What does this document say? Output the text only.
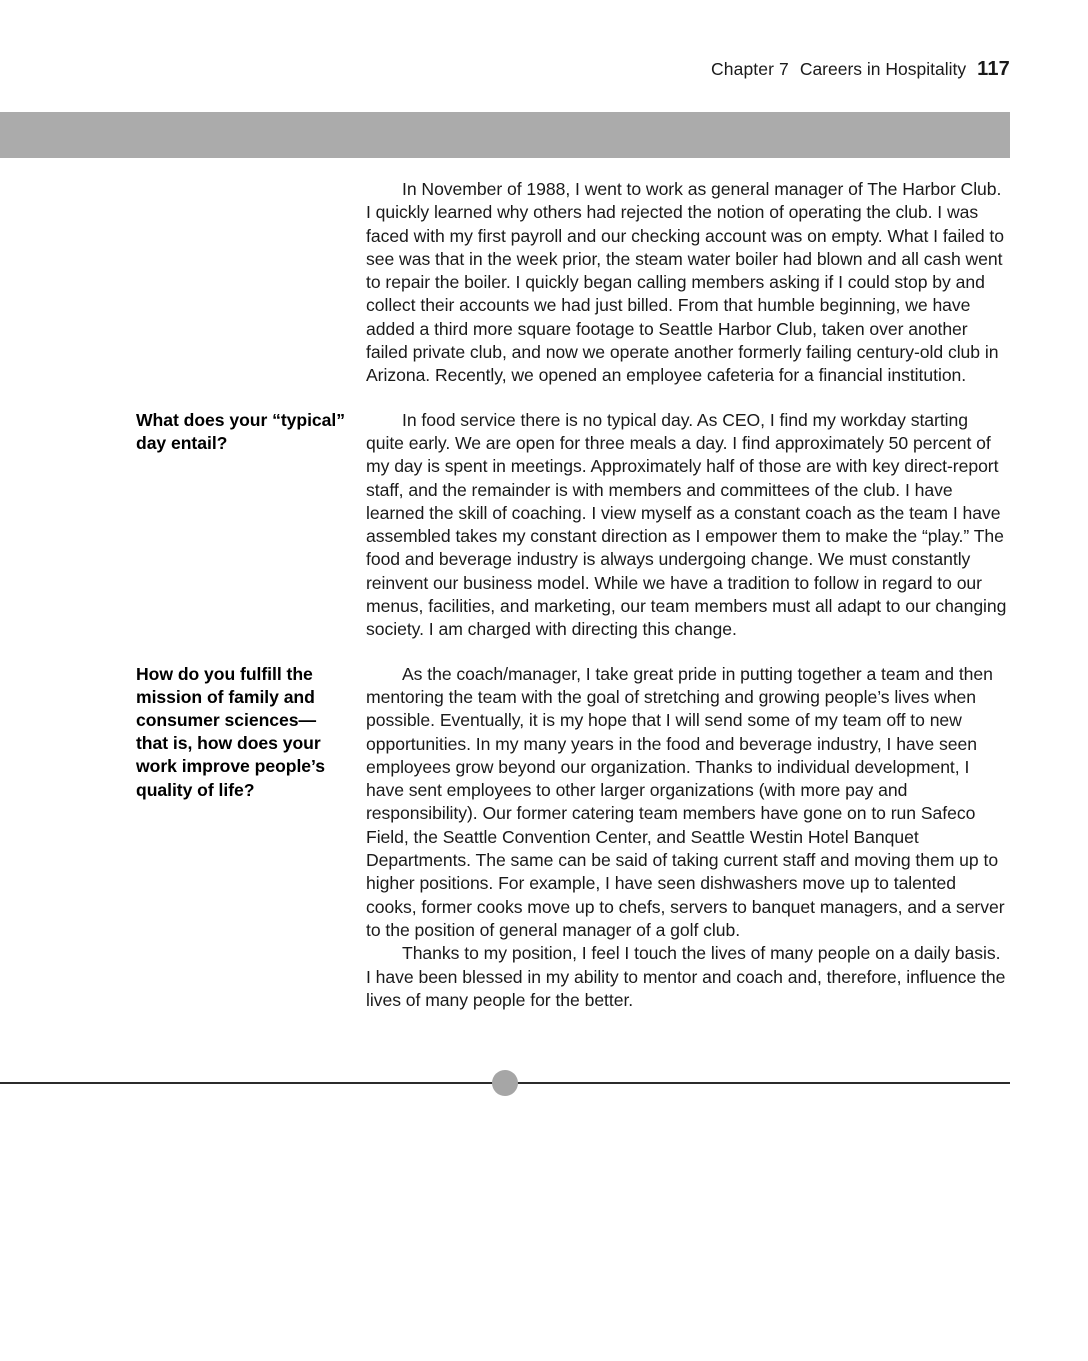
Chapter 7 Careers in Hospitality 117

In November of 1988, I went to work as general manager of The Harbor Club. I quickly learned why others had rejected the notion of operating the club. I was faced with my first payroll and our checking account was on empty. What I failed to see was that in the week prior, the steam water boiler had blown and all cash went to repair the boiler. I quickly began calling members asking if I could stop by and collect their accounts we had just billed. From that humble beginning, we have added a third more square footage to Seattle Harbor Club, taken over another failed private club, and now we operate another formerly failing century-old club in Arizona. Recently, we opened an employee cafeteria for a financial institution.

What does your “typical” day entail?

In food service there is no typical day. As CEO, I find my workday starting quite early. We are open for three meals a day. I find approximately 50 percent of my day is spent in meetings. Approximately half of those are with key direct-report staff, and the remainder is with members and committees of the club. I have learned the skill of coaching. I view myself as a constant coach as the team I have assembled takes my constant direction as I empower them to make the “play.” The food and beverage industry is always undergoing change. We must constantly reinvent our business model. While we have a tradition to follow in regard to our menus, facilities, and marketing, our team members must all adapt to our changing society. I am charged with directing this change.

How do you fulfill the mission of family and consumer sciences—that is, how does your work improve people’s quality of life?

As the coach/manager, I take great pride in putting together a team and then mentoring the team with the goal of stretching and growing people’s lives when possible. Eventually, it is my hope that I will send some of my team off to new opportunities. In my many years in the food and beverage industry, I have seen employees grow beyond our organization. Thanks to individual development, I have sent employees to other larger organizations (with more pay and responsibility). Our former catering team members have gone on to run Safeco Field, the Seattle Convention Center, and Seattle Westin Hotel Banquet Departments. The same can be said of taking current staff and moving them up to higher positions. For example, I have seen dishwashers move up to talented cooks, former cooks move up to chefs, servers to banquet managers, and a server to the position of general manager of a golf club.

Thanks to my position, I feel I touch the lives of many people on a daily basis. I have been blessed in my ability to mentor and coach and, therefore, influence the lives of many people for the better.
